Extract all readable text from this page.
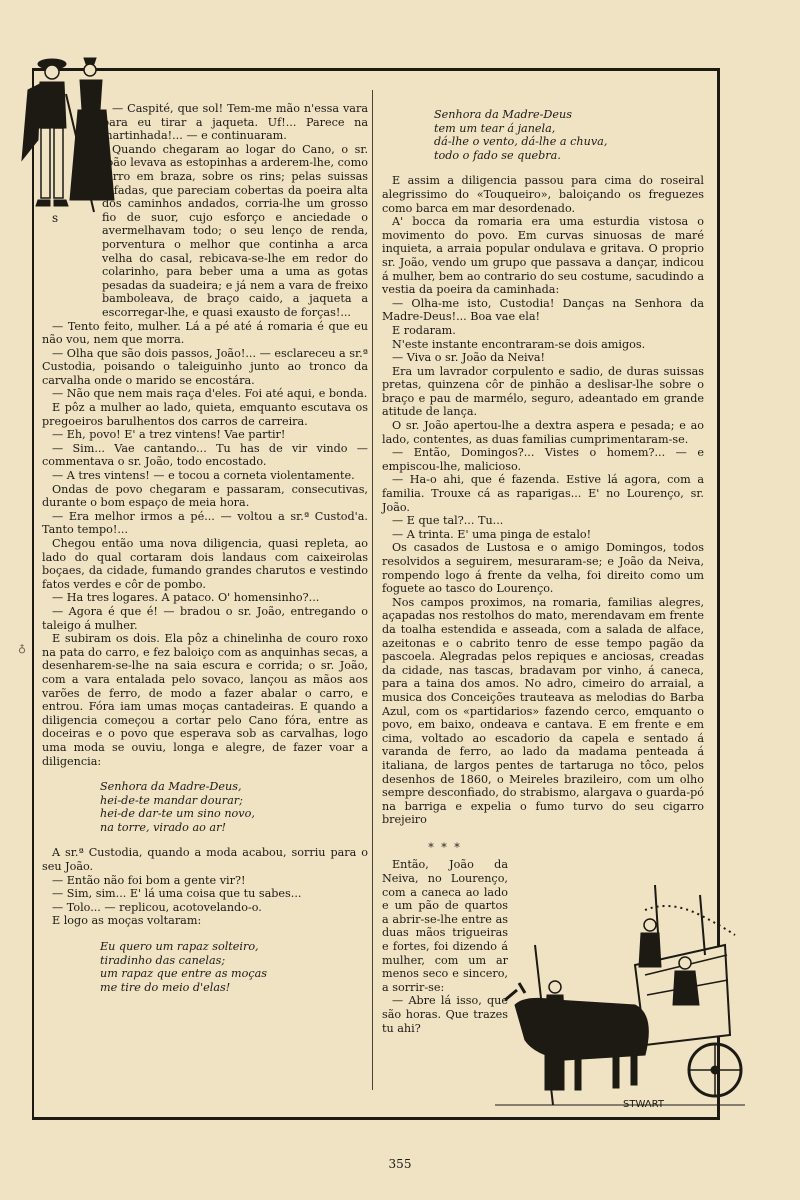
s
♁

— Caspité, que sol! Tem-me mão n'essa vara para eu tirar a jaqueta. Uf!... Parece na martinhada!... — e continuaram.

Quando chegaram ao logar do Cano, o sr. João levava as estopinhas a arderem-lhe, como ferro em braza, sobre os rins; pelas suissas tufadas, que pareciam cobertas da poeira alta dos caminhos andados, corria-lhe um grosso fio de suor, cujo esforço e anciedade o avermelhavam todo; o seu lenço de renda, porventura o melhor que continha a arca velha do casal, rebicava-se-lhe em redor do colarinho, para beber uma a uma as gotas pesadas da suadeira; e já nem a vara de freixo bamboleava, de braço caido, a jaqueta a escorregar-lhe, e quasi exausto de forças!...

— Tento feito, mulher. Lá a pé até á romaria é que eu não vou, nem que morra.

— Olha que são dois passos, João!... — esclareceu a sr.ª Custodia, poisando o taleiguinho junto ao tronco da carvalha onde o marido se encostára.

— Não que nem mais raça d'eles. Foi até aqui, e bonda.

E pôz a mulher ao lado, quieta, emquanto escutava os pregoeiros barulhentos dos carros de carreira.

— Eh, povo! E' a trez vintens! Vae partir!

— Sim... Vae cantando... Tu has de vir vindo — commentava o sr. João, todo encostado.

— A tres vintens! — e tocou a corneta violentamente.

Ondas de povo chegaram e passaram, consecutivas, durante o bom espaço de meia hora.

— Era melhor irmos a pé... — voltou a sr.ª Custod'a. Tanto tempo!...

Chegou então uma nova diligencia, quasi repleta, ao lado do qual cortaram dois landaus com caixeirolas boçaes, da cidade, fumando grandes charutos e vestindo fatos verdes e côr de pombo.

— Ha tres logares. A pataco. O' homensinho?...

— Agora é que é! — bradou o sr. João, entregando o taleigo á mulher.

E subiram os dois. Ela pôz a chinelinha de couro roxo na pata do carro, e fez baloiço com as anquinhas secas, a desenharem-se-lhe na saia escura e corrida; o sr. João, com a vara entalada pelo sovaco, lançou as mãos aos varões de ferro, de modo a fazer abalar o carro, e entrou. Fóra iam umas moças cantadeiras. E quando a diligencia começou a cortar pelo Cano fóra, entre as doceiras e o povo que esperava sob as carvalhas, logo uma moda se ouviu, longa e alegre, de fazer voar a diligencia:

Senhora da Madre-Deus,
hei-de-te mandar dourar;
hei-de dar-te um sino novo,
na torre, virado ao ar!

A sr.ª Custodia, quando a moda acabou, sorriu para o seu João.

— Então não foi bom a gente vir?!

— Sim, sim... E' lá uma coisa que tu sabes...

— Tolo... — replicou, acotovelando-o.

E logo as moças voltaram:

Eu quero um rapaz solteiro,
tiradinho das canelas;
um rapaz que entre as moças
me tire do meio d'elas!
Senhora da Madre-Deus
tem um tear á janela,
dá-lhe o vento, dá-lhe a chuva,
todo o fado se quebra.

E assim a diligencia passou para cima do roseiral alegrissimo do «Touqueiro», baloiçando os freguezes como barca em mar desordenado.

A' bocca da romaria era uma esturdia vistosa o movimento do povo. Em curvas sinuosas de maré inquieta, a arraia popular ondulava e gritava. O proprio sr. João, vendo um grupo que passava a dançar, indicou á mulher, bem ao contrario do seu costume, sacudindo a vestia da poeira da caminhada:

— Olha-me isto, Custodia! Danças na Senhora da Madre-Deus!... Boa vae ela!

E rodaram.

N'este instante encontraram-se dois amigos.

— Viva o sr. João da Neiva!

Era um lavrador corpulento e sadio, de duras suissas pretas, quinzena côr de pinhão a deslisar-lhe sobre o braço e pau de marmélo, seguro, adeantado em grande atitude de lança.

O sr. João apertou-lhe a dextra aspera e pesada; e ao lado, contentes, as duas familias cumprimentaram-se.

— Então, Domingos?... Vistes o homem?... — e empiscou-lhe, malicioso.

— Ha-o ahi, que é fazenda. Estive lá agora, com a familia. Trouxe cá as raparigas... E' no Lourenço, sr. João.

— E que tal?... Tu...

— A trinta. E' uma pinga de estalo!

Os casados de Lustosa e o amigo Domingos, todos resolvidos a seguirem, mesuraram-se; e João da Neiva, rompendo logo á frente da velha, foi direito como um foguete ao tasco do Lourenço.

Nos campos proximos, na romaria, familias alegres, açapadas nos restolhos do mato, merendavam em frente da toalha estendida e asseada, com a salada de alface, azeitonas e o cabrito tenro de esse tempo pagão da pascoela. Alegradas pelos repiques e anciosas, creadas da cidade, nas tascas, bradavam por vinho, á caneca, para a taina dos amos. No adro, cimeiro do arraial, a musica dos Conceições trauteava as melodias do Barba Azul, com os «partidarios» fazendo cerco, emquanto o povo, em baixo, ondeava e cantava. E em frente e em cima, voltado ao escadorio da capela e sentado á varanda de ferro, ao lado da madama penteada á italiana, de largos pentes de tartaruga no tôco, pelos desenhos de 1860, o Meireles brazileiro, com um olho sempre desconfiado, do strabismo, alargava o guarda-pó na barriga e expelia o fumo turvo do seu cigarro brejeiro

* * *

Então, João da Neiva, no Lourenço, com a caneca ao lado e um pão de quartos a abrir-se-lhe entre as duas mãos trigueiras e fortes, foi dizendo á mulher, com um ar menos seco e sincero, a sorrir-se:

— Abre lá isso, que são horas. Que trazes tu ahi?

STWART
355
